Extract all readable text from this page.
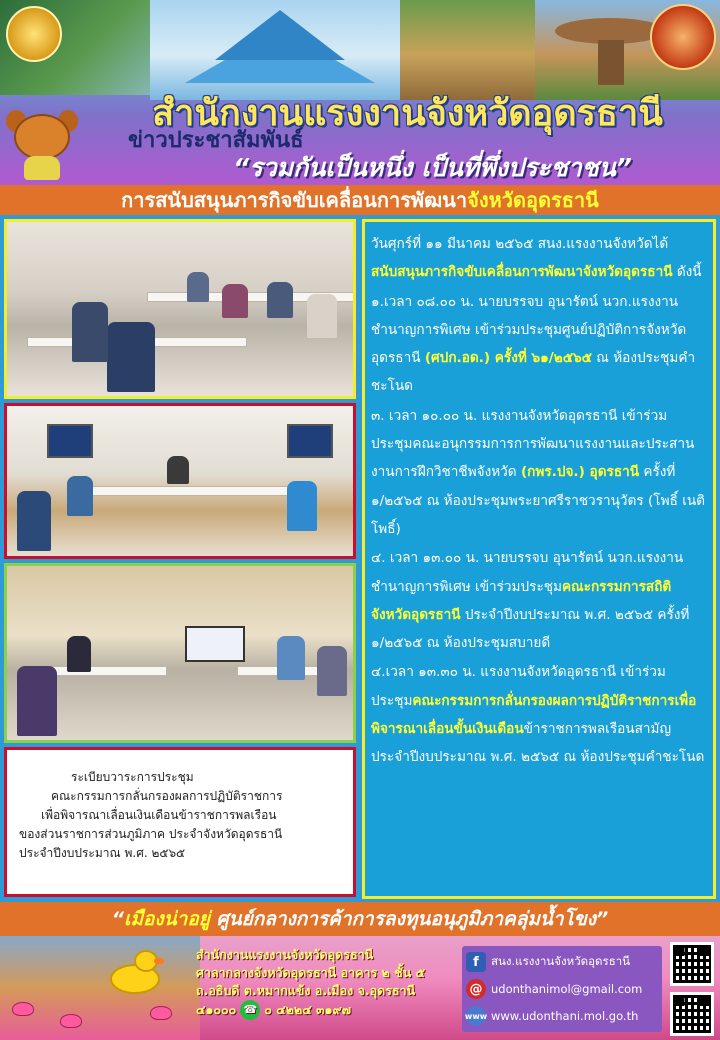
สำนักงานแรงงานจังหวัดอุดรธานี
ข่าวประชาสัมพันธ์
“รวมกันเป็นหนึ่ง เป็นที่พึ่งประชาชน”
การสนับสนุนภารกิจขับเคลื่อนการพัฒนาจังหวัดอุดรธานี
ระเบียบวาระการประชุม
คณะกรรมการกลั่นกรองผลการปฏิบัติราชการ
เพื่อพิจารณาเลื่อนเงินเดือนข้าราชการพลเรือน
ของส่วนราชการส่วนภูมิภาค ประจำจังหวัดอุดรธานี
ประจำปีงบประมาณ พ.ศ. ๒๕๖๕

วันศุกร์ที่ ๑๑ มีนาคม ๒๕๖๕ สนง.แรงงานจังหวัดได้สนับสนุนภารกิจขับเคลื่อนการพัฒนาจังหวัดอุดรธานี ดังนี้

๑.เวลา ๐๘.๐๐ น. นายบรรจบ อุนารัตน์ นวก.แรงงานชำนาญการพิเศษ เข้าร่วมประชุมศูนย์ปฏิบัติการจังหวัดอุดรธานี (ศปก.อด.) ครั้งที่ ๖๑/๒๕๖๕ ณ ห้องประชุมคำชะโนด

๓. เวลา ๑๐.๐๐ น. แรงงานจังหวัดอุดรธานี เข้าร่วมประชุมคณะอนุกรรมการการพัฒนาแรงงานและประสานงานการฝึกวิชาชีพจังหวัด (กพร.ปจ.) อุดรธานี ครั้งที่ ๑/๒๕๖๕ ณ ห้องประชุมพระยาศรีราชวรานุวัตร (โพธิ์ เนติโพธิ์)

๔. เวลา ๑๓.๐๐ น. นายบรรจบ อุนารัตน์ นวก.แรงงานชำนาญการพิเศษ เข้าร่วมประชุมคณะกรรมการสถิติจังหวัดอุดรธานี ประจำปีงบประมาณ พ.ศ. ๒๕๖๕ ครั้งที่ ๑/๒๕๖๕ ณ ห้องประชุมสบายดี

๔.เวลา ๑๓.๓๐ น. แรงงานจังหวัดอุดรธานี เข้าร่วมประชุมคณะกรรมการกลั่นกรองผลการปฏิบัติราชการเพื่อพิจารณาเลื่อนขั้นเงินเดือนข้าราชการพลเรือนสามัญ ประจำปีงบประมาณ พ.ศ. ๒๕๖๕ ณ ห้องประชุมคำชะโนด

“เมืองน่าอยู่ ศูนย์กลางการค้าการลงทุนอนุภูมิภาคลุ่มน้ำโขง”
สำนักงานแรงงานจังหวัดอุดรธานี
ศาลากลางจังหวัดอุดรธานี อาคาร ๒ ชั้น ๕
ถ.อธิบดี ต.หมากแข้ง อ.เมือง จ.อุดรธานี
๔๑๐๐๐ ☎ ๐ ๔๒๒๔ ๓๑๙๗
f	สนง.แรงงานจังหวัดอุดรธานี
@ udonthanimol@gmail.com
www www.udonthani.mol.go.th
